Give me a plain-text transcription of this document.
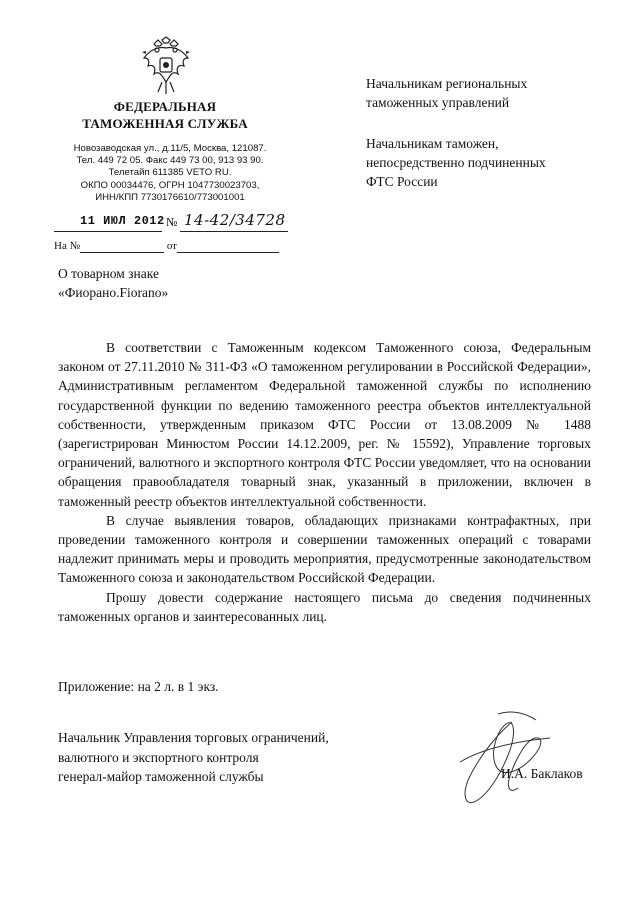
ФЕДЕРАЛЬНАЯ
ТАМОЖЕННАЯ СЛУЖБА
Новозаводская ул., д.11/5, Москва, 121087.
Тел. 449 72 05. Факс 449 73 00, 913 93 90.
Телетайп 611385 VETO RU.
ОКПО 00034476, ОГРН 1047730023703,
ИНН/КПП 7730176610/773001001
11 ИЮЛ 2012 № 14-42/34728
На №	от
Начальникам региональных
таможенных управлений
Начальникам таможен,
непосредственно подчиненных
ФТС России
О товарном знаке
«Фиорано.Fiorano»

В соответствии с Таможенным кодексом Таможенного союза, Федеральным законом от 27.11.2010 № 311-ФЗ «О таможенном регулировании в Российской Федерации», Административным регламентом Федеральной таможенной службы по исполнению государственной функции по ведению таможенного реестра объектов интеллектуальной собственности, утвержденным приказом ФТС России от 13.08.2009 № 1488 (зарегистрирован Минюстом России 14.12.2009, рег. № 15592), Управление торговых ограничений, валютного и экспортного контроля ФТС России уведомляет, что на основании обращения правообладателя товарный знак, указанный в приложении, включен в таможенный реестр объектов интеллектуальной собственности.

В случае выявления товаров, обладающих признаками контрафактных, при проведении таможенного контроля и совершении таможенных операций с товарами надлежит принимать меры и проводить мероприятия, предусмотренные законодательством Таможенного союза и законодательством Российской Федерации.

Прошу довести содержание настоящего письма до сведения подчиненных таможенных органов и заинтересованных лиц.

Приложение: на 2 л. в 1 экз.
Начальник Управления торговых ограничений,
валютного и экспортного контроля
генерал-майор таможенной службы	И.А. Баклаков
